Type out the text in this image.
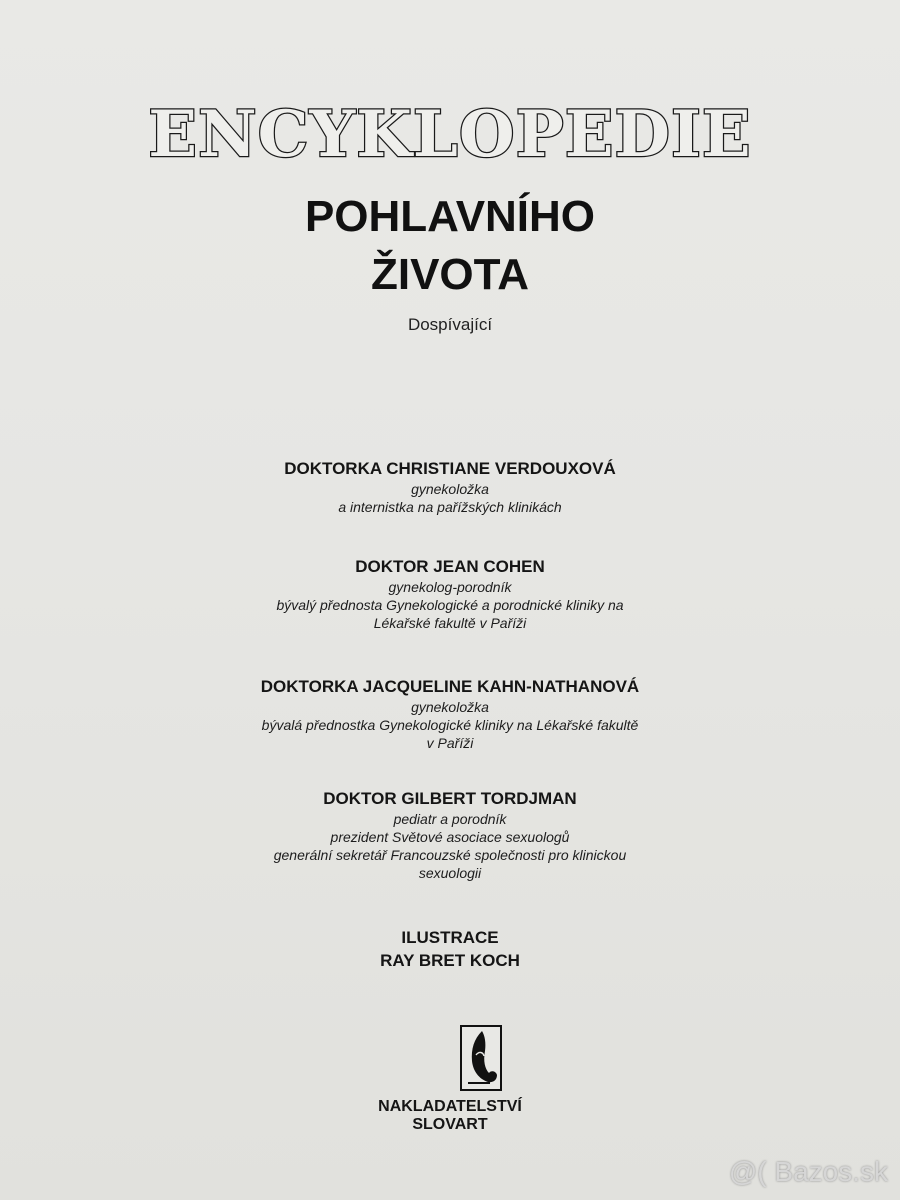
ENCYKLOPEDIE
POHLAVNÍHO
ŽIVOTA
Dospívající
DOKTORKA CHRISTIANE VERDOUXOVÁ
gynekoložka
a internistka na pařížských klinikách
DOKTOR JEAN COHEN
gynekolog-porodník
bývalý přednosta Gynekologické a porodnické kliniky na
Lékařské fakultě v Paříži
DOKTORKA JACQUELINE KAHN-NATHANOVÁ
gynekoložka
bývalá přednostka Gynekologické kliniky na Lékařské fakultě
v Paříži
DOKTOR GILBERT TORDJMAN
pediatr a porodník
prezident Světové asociace sexuologů
generální sekretář Francouzské společnosti pro klinickou
sexuologii
ILUSTRACE
RAY BRET KOCH
NAKLADATELSTVÍ
SLOVART
@( Bazos.sk
